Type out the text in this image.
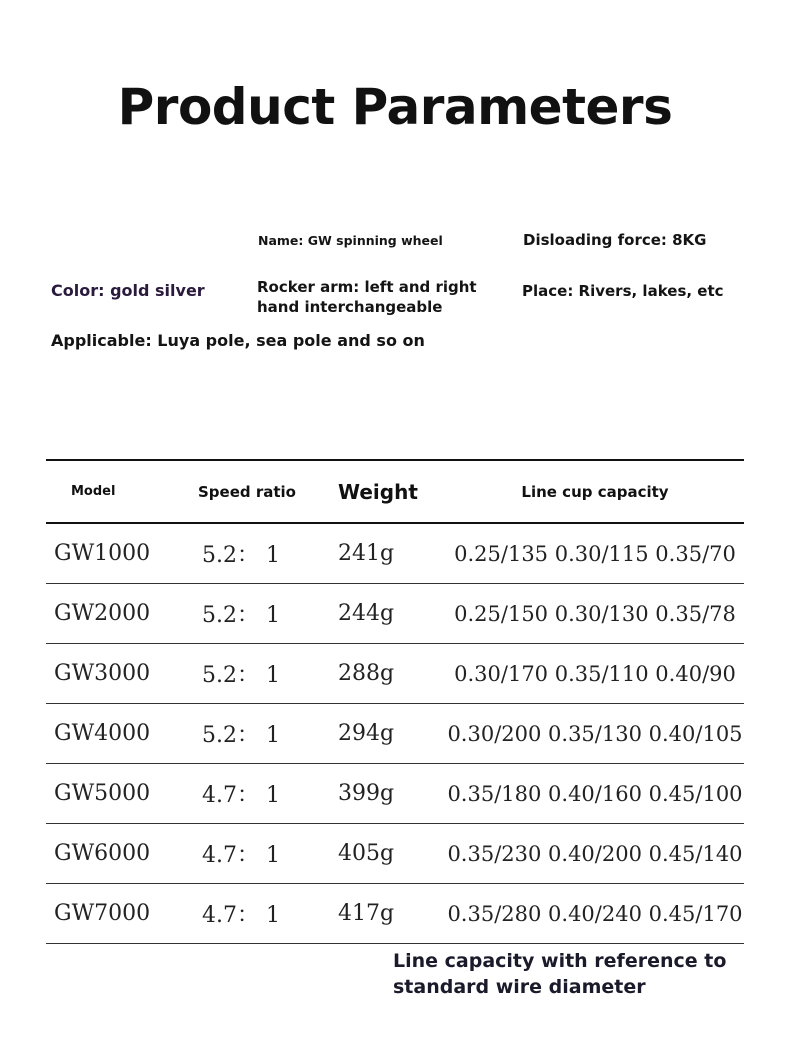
Product Parameters
Name: GW spinning wheel	Disloading force: 8KG
Color: gold silver	Rocker arm: left and right
hand interchangeable
Place: Rivers, lakes, etc
Applicable: Luya pole, sea pole and so on
Model	Speed ratio	Weight	Line cup capacity
GW1000	5.2： 1	241g	0.25/135 0.30/115 0.35/70
GW2000	5.2： 1	244g	0.25/150 0.30/130 0.35/78
GW3000	5.2： 1	288g	0.30/170 0.35/110 0.40/90
GW4000	5.2： 1	294g	0.30/200 0.35/130 0.40/105
GW5000	4.7： 1	399g	0.35/180 0.40/160 0.45/100
GW6000	4.7： 1	405g	0.35/230 0.40/200 0.45/140
GW7000	4.7： 1	417g	0.35/280 0.40/240 0.45/170
Line capacity with reference to
standard wire diameter
